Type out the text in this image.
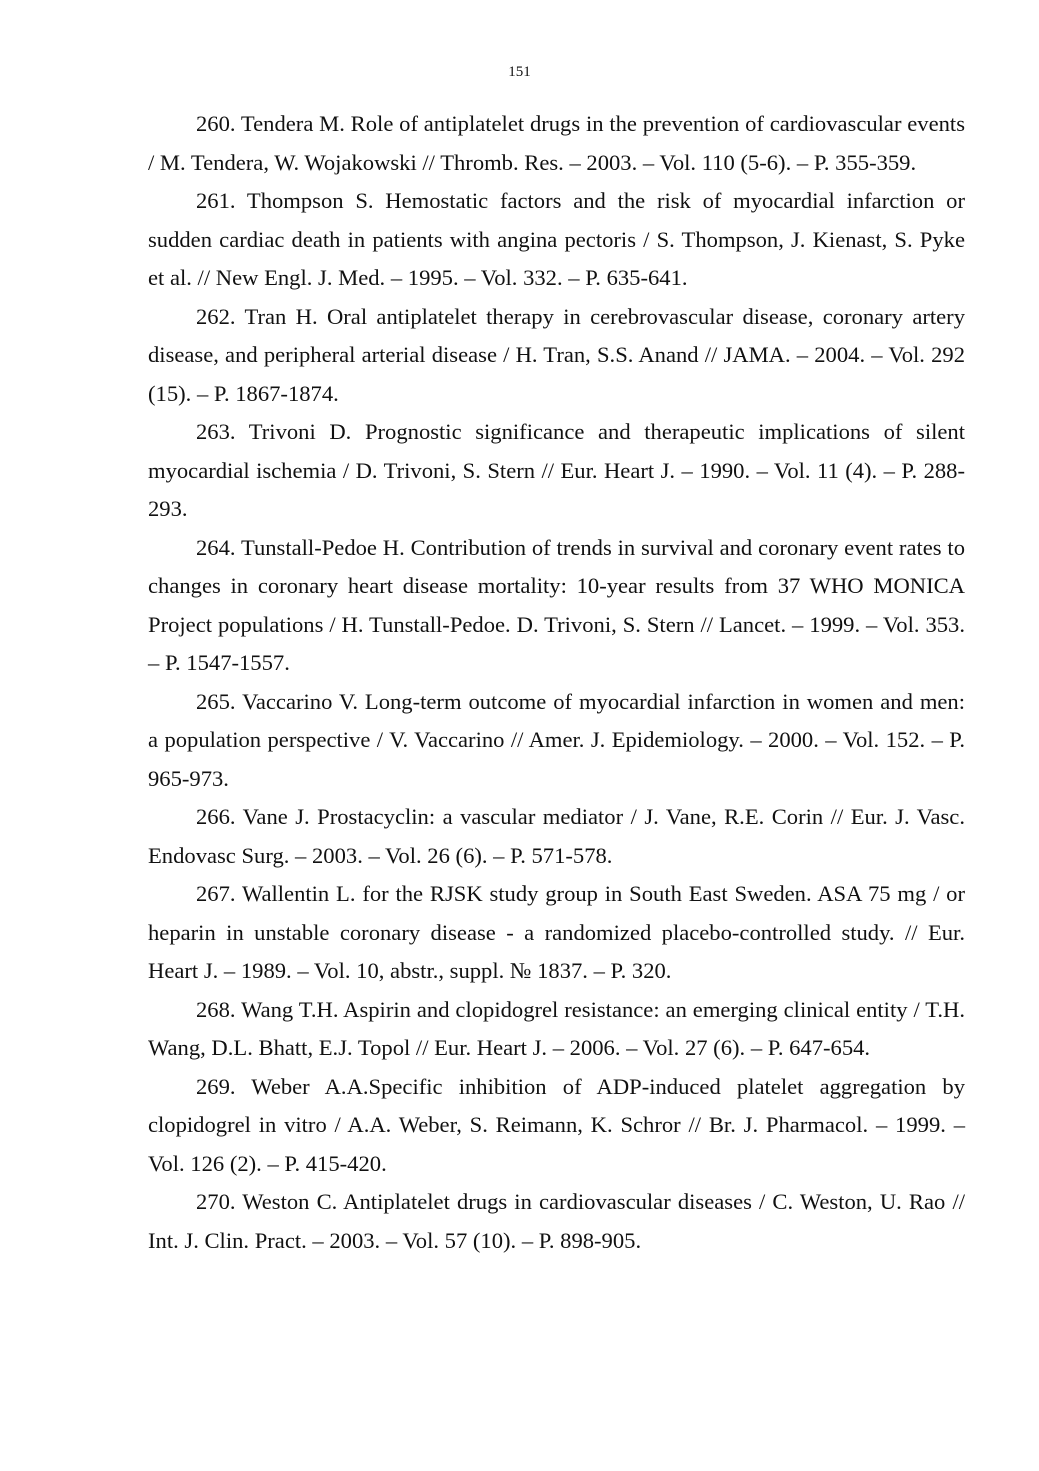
151
260. Tendera M. Role of antiplatelet drugs in the prevention of cardiovascular events / M. Tendera, W. Wojakowski // Thromb. Res. – 2003. – Vol. 110 (5-6). – P. 355-359.
261. Thompson S. Hemostatic factors and the risk of myocardial infarction or sudden cardiac death in patients with angina pectoris / S. Thompson, J. Kienast, S. Pyke et al. // New Engl. J. Med. – 1995. – Vol. 332. – P. 635-641.
262. Tran H. Oral antiplatelet therapy in cerebrovascular disease, coronary artery disease, and peripheral arterial disease / H. Tran, S.S. Anand // JAMA. – 2004. – Vol. 292 (15). – P. 1867-1874.
263. Trivoni D. Prognostic significance and therapeutic implications of silent myocardial ischemia / D. Trivoni, S. Stern // Eur. Heart J. – 1990. – Vol. 11 (4). – P. 288-293.
264. Tunstall-Pedoe H. Contribution of trends in survival and coronary event rates to changes in coronary heart disease mortality: 10-year results from 37 WHO MONICA Project populations / H. Tunstall-Pedoe. D. Trivoni, S. Stern // Lancet. – 1999. – Vol. 353. – P. 1547-1557.
265. Vaccarino V. Long-term outcome of myocardial infarction in women and men: a population perspective / V. Vaccarino // Amer. J. Epidemiology. – 2000. – Vol. 152. – P. 965-973.
266. Vane J. Prostacyclin: a vascular mediator / J. Vane, R.E. Corin // Eur. J. Vasc. Endovasc Surg. – 2003. – Vol. 26 (6). – P. 571-578.
267. Wallentin L. for the RJSK study group in South East Sweden. ASA 75 mg / or heparin in unstable coronary disease - a randomized placebo-controlled study. // Eur. Heart J. – 1989. – Vol. 10, abstr., suppl. № 1837. – P. 320.
268. Wang T.H. Aspirin and clopidogrel resistance: an emerging clinical entity / T.H. Wang, D.L. Bhatt, E.J. Topol // Eur. Heart J. – 2006. – Vol. 27 (6). – P. 647-654.
269. Weber A.A.Specific inhibition of ADP-induced platelet aggregation by clopidogrel in vitro / A.A. Weber, S. Reimann, K. Schror // Br. J. Pharmacol. – 1999. – Vol. 126 (2). – P. 415-420.
270. Weston C. Antiplatelet drugs in cardiovascular diseases / C. Weston, U. Rao // Int. J. Clin. Pract. – 2003. – Vol. 57 (10). – P. 898-905.
